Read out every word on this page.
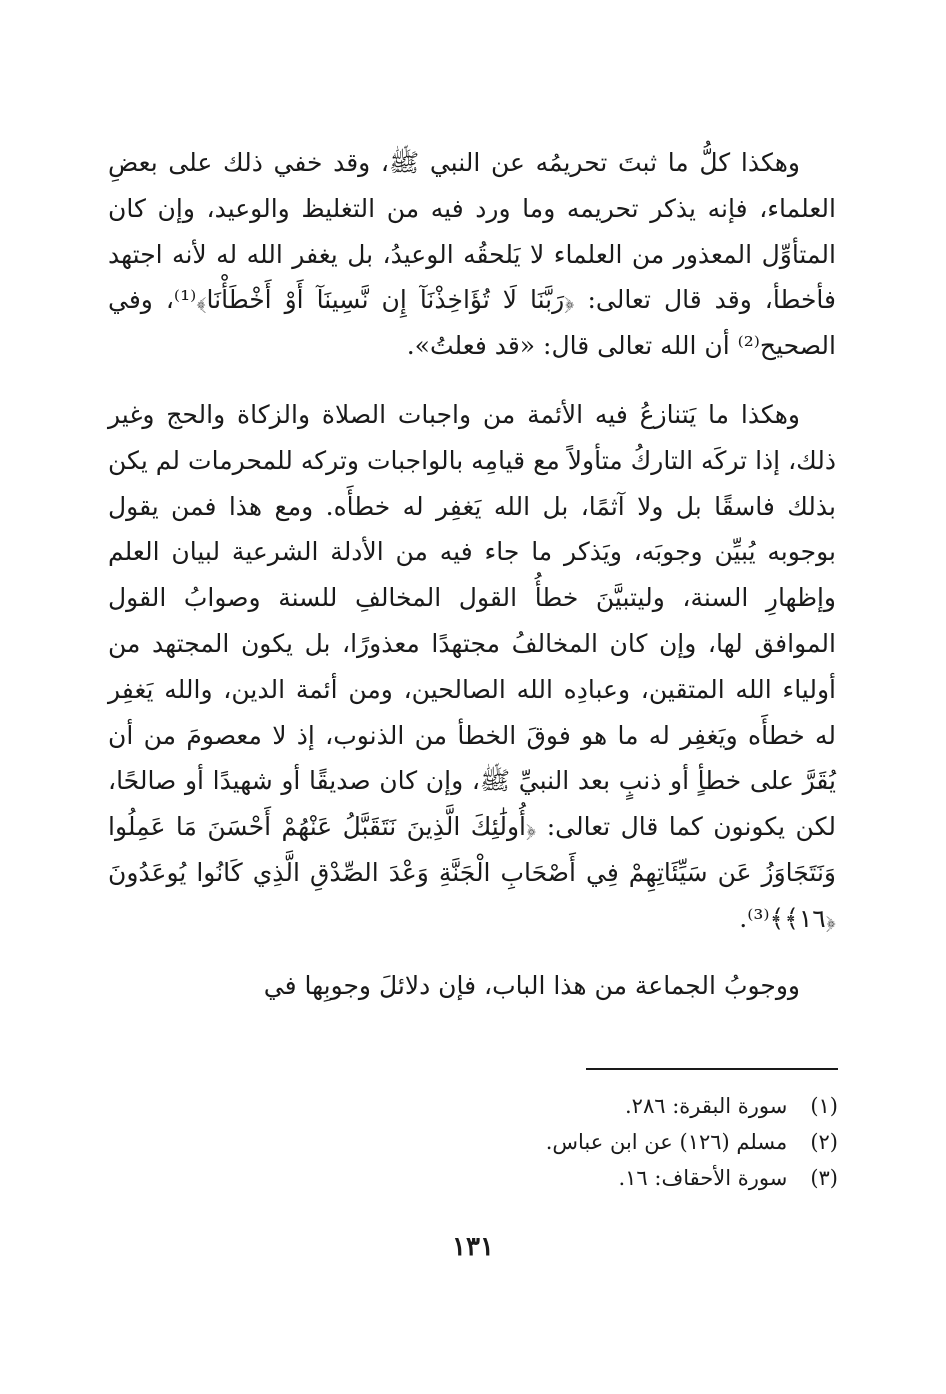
وهكذا كلُّ ما ثبتَ تحريمُه عن النبي ﷺ، وقد خفي ذلك على بعضِ العلماء، فإنه يذكر تحريمه وما ورد فيه من التغليظ والوعيد، وإن كان المتأوِّل المعذور من العلماء لا يَلحقُه الوعيدُ، بل يغفر الله له لأنه اجتهد فأخطأ، وقد قال تعالى: ﴿رَبَّنَا لَا تُؤَاخِذْنَآ إِن نَّسِينَآ أَوْ أَخْطَأْنَا﴾⁽¹⁾، وفي الصحيح⁽²⁾ أن الله تعالى قال: «قد فعلتُ».

وهكذا ما يَتنازعُ فيه الأئمة من واجبات الصلاة والزكاة والحج وغير ذلك، إذا تركَه التاركُ متأولاً مع قيامِه بالواجبات وتركه للمحرمات لم يكن بذلك فاسقًا بل ولا آثمًا، بل الله يَغفِر له خطأَه. ومع هذا فمن يقول بوجوبه يُبيِّن وجوبَه، ويَذكر ما جاء فيه من الأدلة الشرعية لبيان العلم وإظهارِ السنة، وليتبيَّنَ خطأُ القول المخالفِ للسنة وصوابُ القول الموافق لها، وإن كان المخالفُ مجتهدًا معذورًا، بل يكون المجتهد من أولياء الله المتقين، وعبادِه الله الصالحين، ومن أئمة الدين، والله يَغفِر له خطأَه ويَغفِر له ما هو فوقَ الخطأ من الذنوب، إذ لا معصومَ من أن يُقَرَّ على خطأٍ أو ذنبٍ بعد النبيِّ ﷺ، وإن كان صديقًا أو شهيدًا أو صالحًا، لكن يكونون كما قال تعالى: ﴿أُولَٰئِكَ الَّذِينَ نَتَقَبَّلُ عَنْهُمْ أَحْسَنَ مَا عَمِلُوا وَنَتَجَاوَزُ عَن سَيِّئَاتِهِمْ فِي أَصْحَابِ الْجَنَّةِ وَعْدَ الصِّدْقِ الَّذِي كَانُوا يُوعَدُونَ ﴿١٦﴾﴾⁽³⁾.

ووجوبُ الجماعة من هذا الباب، فإن دلائلَ وجوبِها في

(١) سورة البقرة: ٢٨٦.
(٢) مسلم (١٢٦) عن ابن عباس.
(٣) سورة الأحقاف: ١٦.
١٣١
